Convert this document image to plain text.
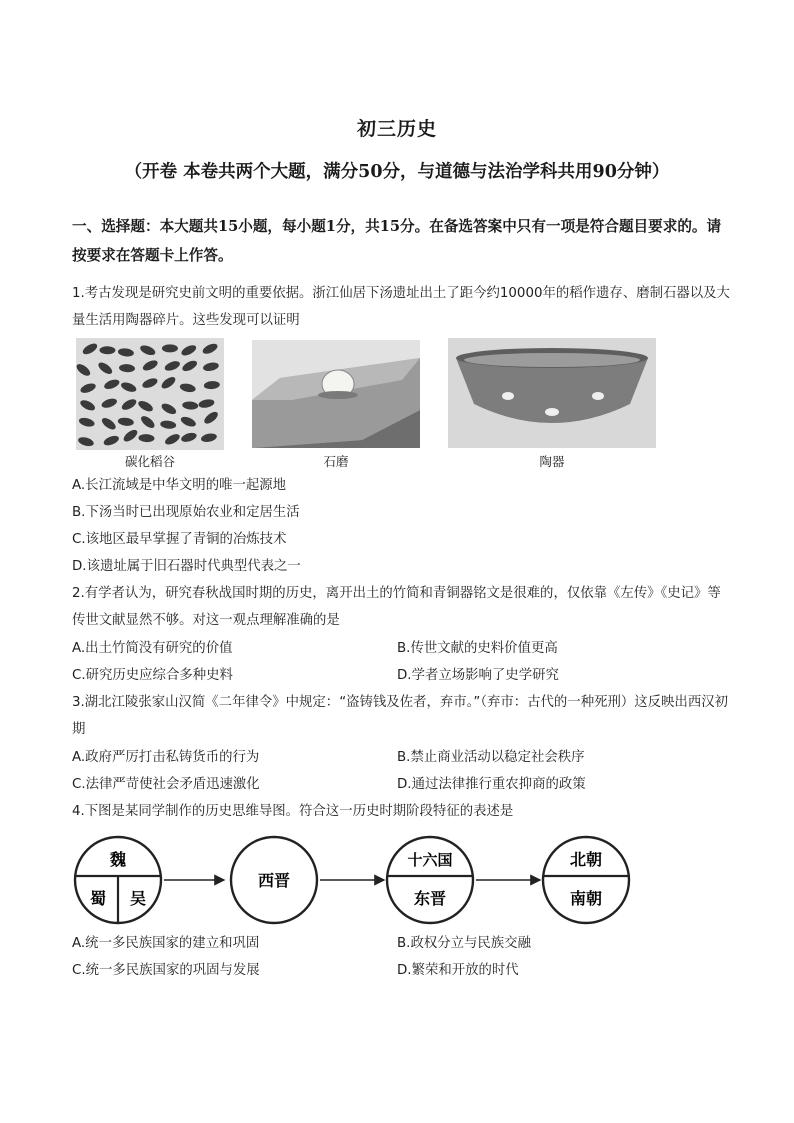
初三历史
（开卷 本卷共两个大题，满分50分，与道德与法治学科共用90分钟）
一、选择题：本大题共15小题，每小题1分，共15分。在备选答案中只有一项是符合题目要求的。请按要求在答题卡上作答。
1.考古发现是研究史前文明的重要依据。浙江仙居下汤遗址出土了距今约10000年的稻作遗存、磨制石器以及大量生活用陶器碎片。这些发现可以证明
碳化稻谷	石磨	陶器
A.长江流域是中华文明的唯一起源地
B.下汤当时已出现原始农业和定居生活
C.该地区最早掌握了青铜的冶炼技术
D.该遗址属于旧石器时代典型代表之一
2.有学者认为，研究春秋战国时期的历史，离开出土的竹简和青铜器铭文是很难的，仅依靠《左传》《史记》等传世文献显然不够。对这一观点理解准确的是
A.出土竹简没有研究的价值	B.传世文献的史料价值更高
C.研究历史应综合多种史料	D.学者立场影响了史学研究
3.湖北江陵张家山汉简《二年律令》中规定：“盗铸钱及佐者，弃市。”（弃市：古代的一种死刑）这反映出西汉初期
A.政府严厉打击私铸货币的行为	B.禁止商业活动以稳定社会秩序
C.法律严苛使社会矛盾迅速激化	D.通过法律推行重农抑商的政策
4.下图是某同学制作的历史思维导图。符合这一历史时期阶段特征的表述是
魏
蜀 吴
西晋
十六国
东晋
北朝
南朝
A.统一多民族国家的建立和巩固	B.政权分立与民族交融
C.统一多民族国家的巩固与发展	D.繁荣和开放的时代
